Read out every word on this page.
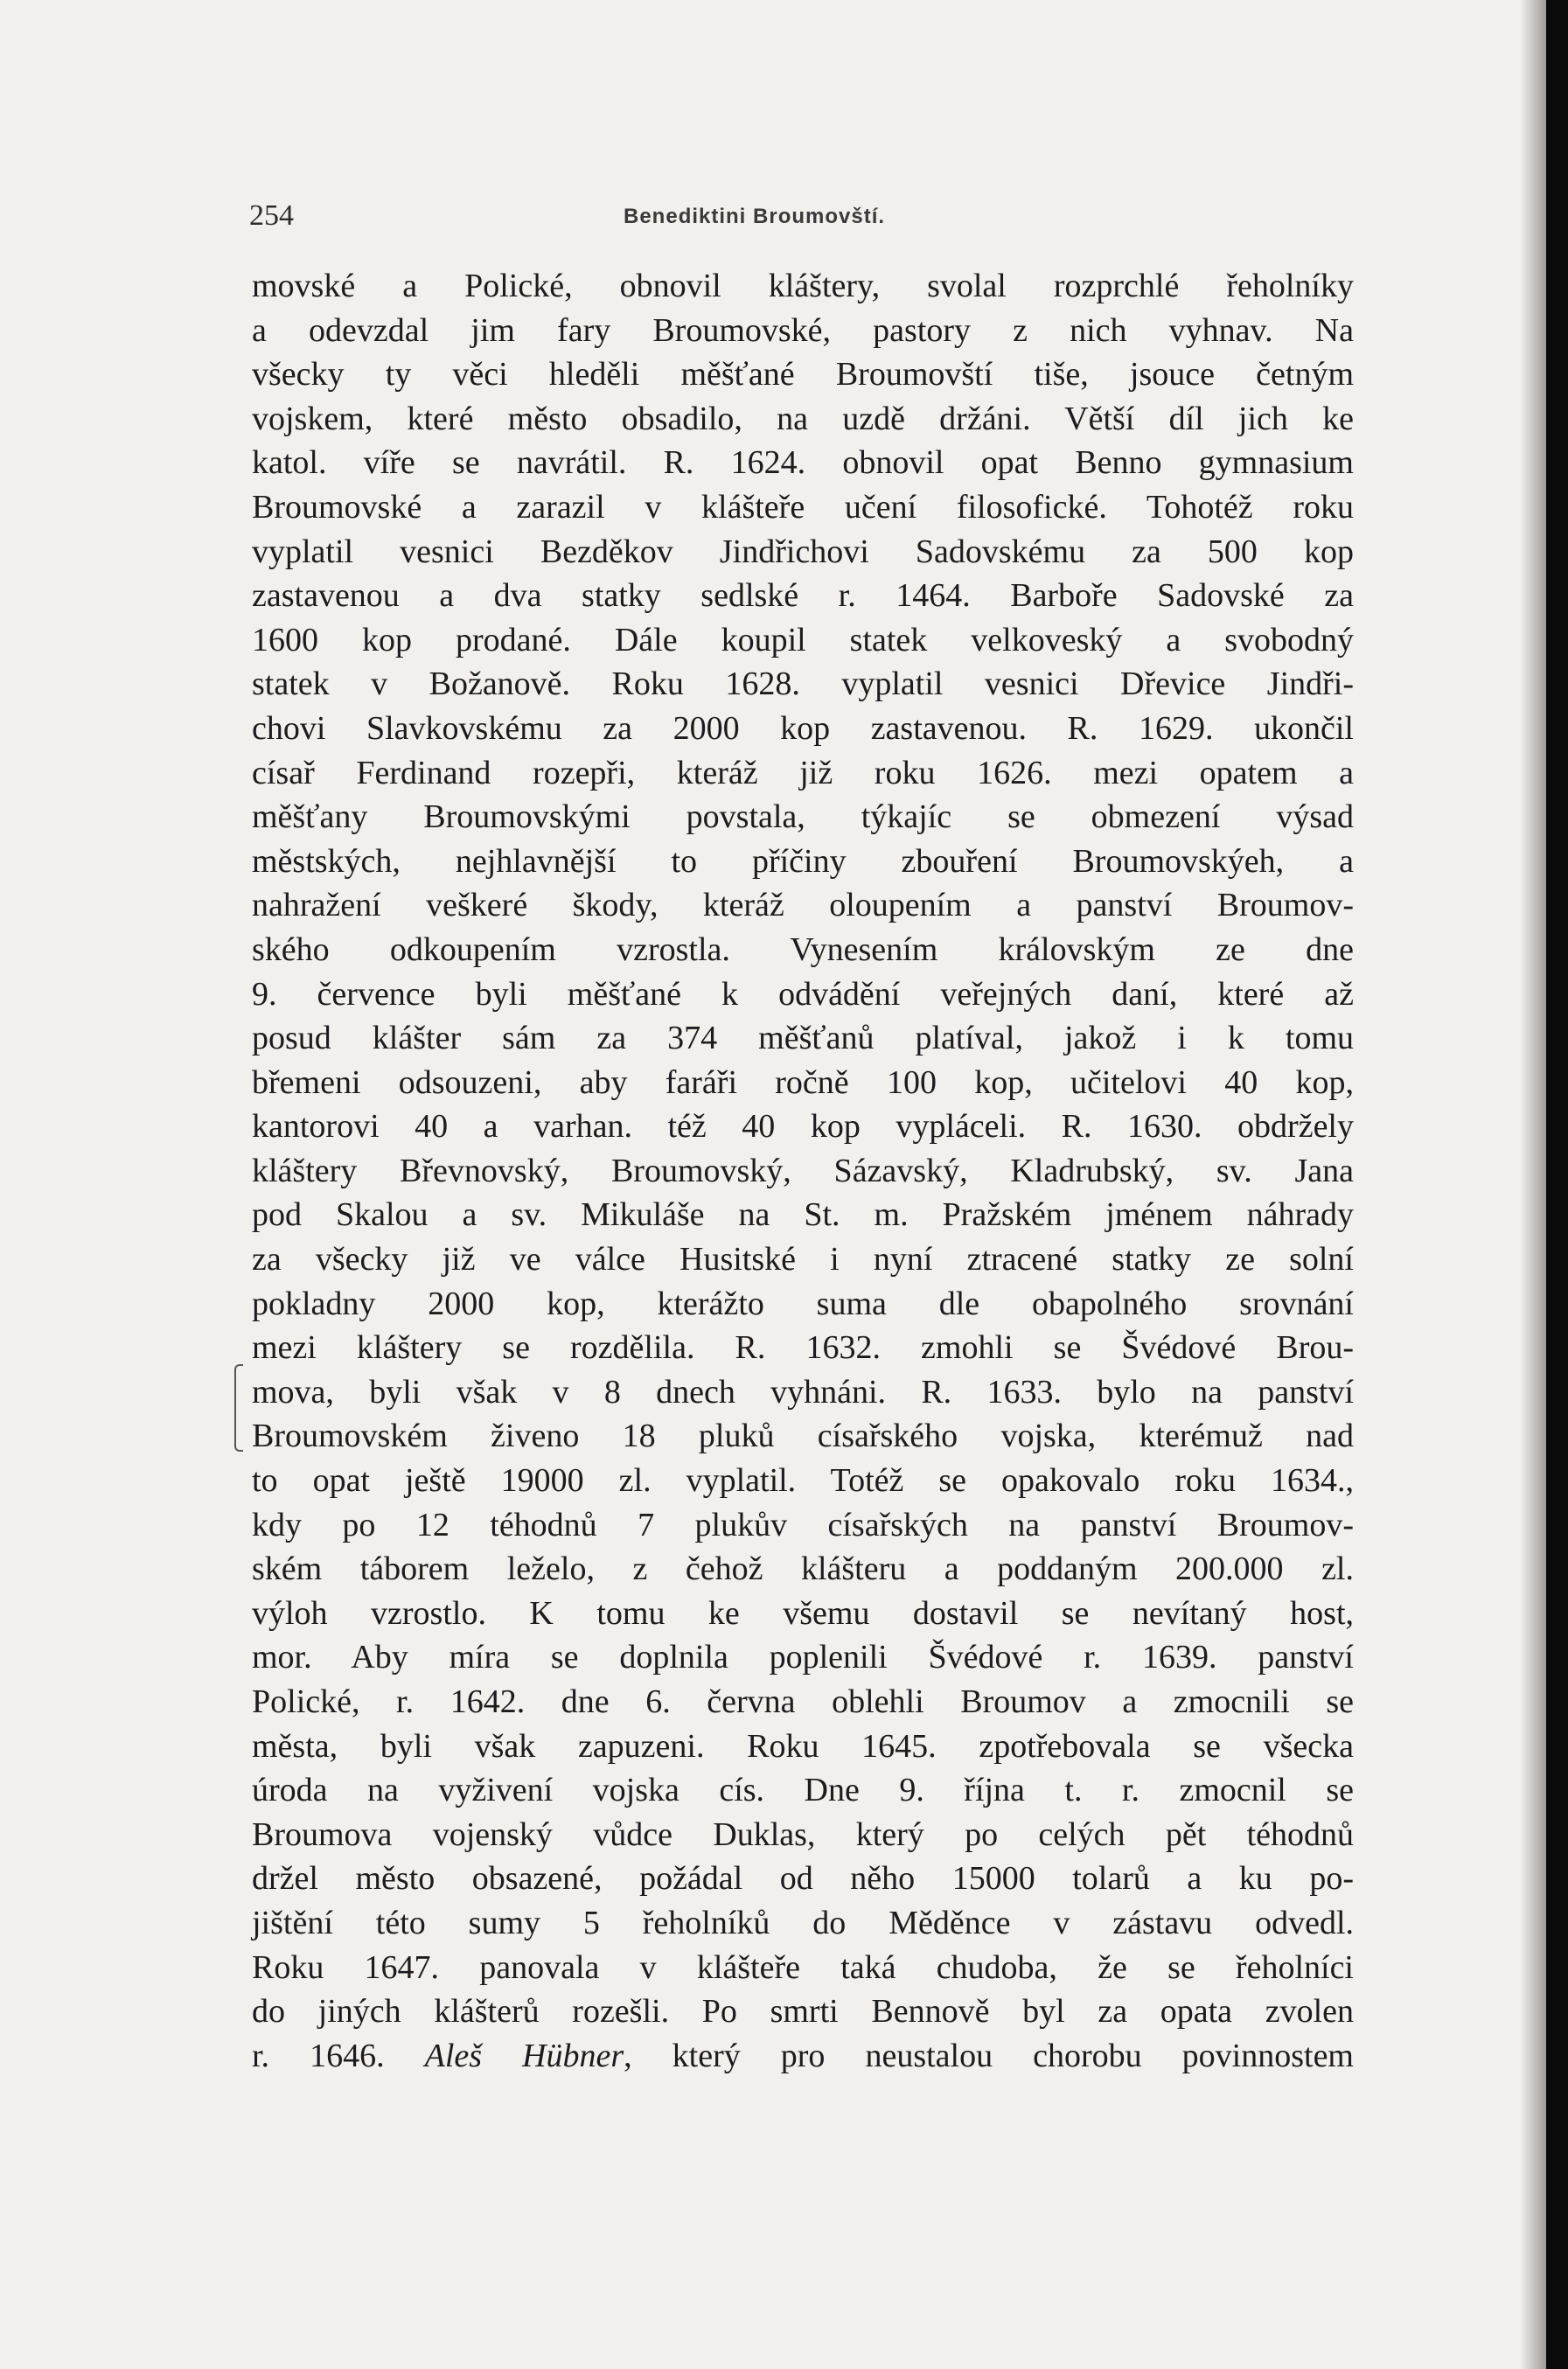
254	Benediktini Broumovští.
movské a Polické, obnovil kláštery, svolal rozprchlé řeholníky
a odevzdal jim fary Broumovské, pastory z nich vyhnav. Na
všecky ty věci hleděli měšťané Broumovští tiše, jsouce četným
vojskem, které město obsadilo, na uzdě držáni. Větší díl jich ke
katol. víře se navrátil. R. 1624. obnovil opat Benno gymnasium
Broumovské a zarazil v klášteře učení filosofické. Tohotéž roku
vyplatil vesnici Bezděkov Jindřichovi Sadovskému za 500 kop
zastavenou a dva statky sedlské r. 1464. Barboře Sadovské za
1600 kop prodané. Dále koupil statek velkoveský a svobodný
statek v Božanově. Roku 1628. vyplatil vesnici Dřevice Jindři-
chovi Slavkovskému za 2000 kop zastavenou. R. 1629. ukončil
císař Ferdinand rozepři, kteráž již roku 1626. mezi opatem a
měšťany Broumovskými povstala, týkajíc se obmezení výsad
městských, nejhlavnější to příčiny zbouření Broumovskýeh, a
nahražení veškeré škody, kteráž oloupením a panství Broumov-
ského odkoupením vzrostla. Vynesením královským ze dne
9. července byli měšťané k odvádění veřejných daní, které až
posud klášter sám za 374 měšťanů platíval, jakož i k tomu
břemeni odsouzeni, aby faráři ročně 100 kop, učitelovi 40 kop,
kantorovi 40 a varhan. též 40 kop vypláceli. R. 1630. obdržely
kláštery Břevnovský, Broumovský, Sázavský, Kladrubský, sv. Jana
pod Skalou a sv. Mikuláše na St. m. Pražském jménem náhrady
za všecky již ve válce Husitské i nyní ztracené statky ze solní
pokladny 2000 kop, kterážto suma dle obapolného srovnání
mezi kláštery se rozdělila. R. 1632. zmohli se Švédové Brou-
mova, byli však v 8 dnech vyhnáni. R. 1633. bylo na panství
Broumovském živeno 18 pluků císařského vojska, kterémuž nad
to opat ještě 19000 zl. vyplatil. Totéž se opakovalo roku 1634.,
kdy po 12 téhodnů 7 plukův císařských na panství Broumov-
ském táborem leželo, z čehož klášteru a poddaným 200.000 zl.
výloh vzrostlo. K tomu ke všemu dostavil se nevítaný host,
mor. Aby míra se doplnila poplenili Švédové r. 1639. panství
Polické, r. 1642. dne 6. června oblehli Broumov a zmocnili se
města, byli však zapuzeni. Roku 1645. zpotřebovala se všecka
úroda na vyživení vojska cís. Dne 9. října t. r. zmocnil se
Broumova vojenský vůdce Duklas, který po celých pět téhodnů
držel město obsazené, požádal od něho 15000 tolarů a ku po-
jištění této sumy 5 řeholníků do Měděnce v zástavu odvedl.
Roku 1647. panovala v klášteře taká chudoba, že se řeholníci
do jiných klášterů rozešli. Po smrti Bennově byl za opata zvolen
r. 1646. Aleš Hübner, který pro neustalou chorobu povinnostem
